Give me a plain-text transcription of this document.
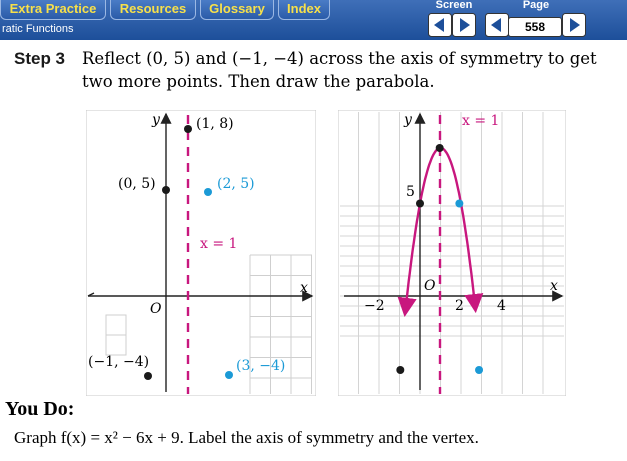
Extra Practice	Resources	Glossary	Index
ratic Functions
Screen	Page
558
Step 3 Reflect (0, 5) and (−1, −4) across the axis of symmetry to get two more points. Then draw the parabola.
x
y
O
x = 1
(1, 8)
(0, 5)	(2, 5)
(−1, −4)	(3, −4)
x
y
O
x = 1
−2	2 4
5
You Do:
Graph f(x) = x² − 6x + 9. Label the axis of symmetry and the vertex.
